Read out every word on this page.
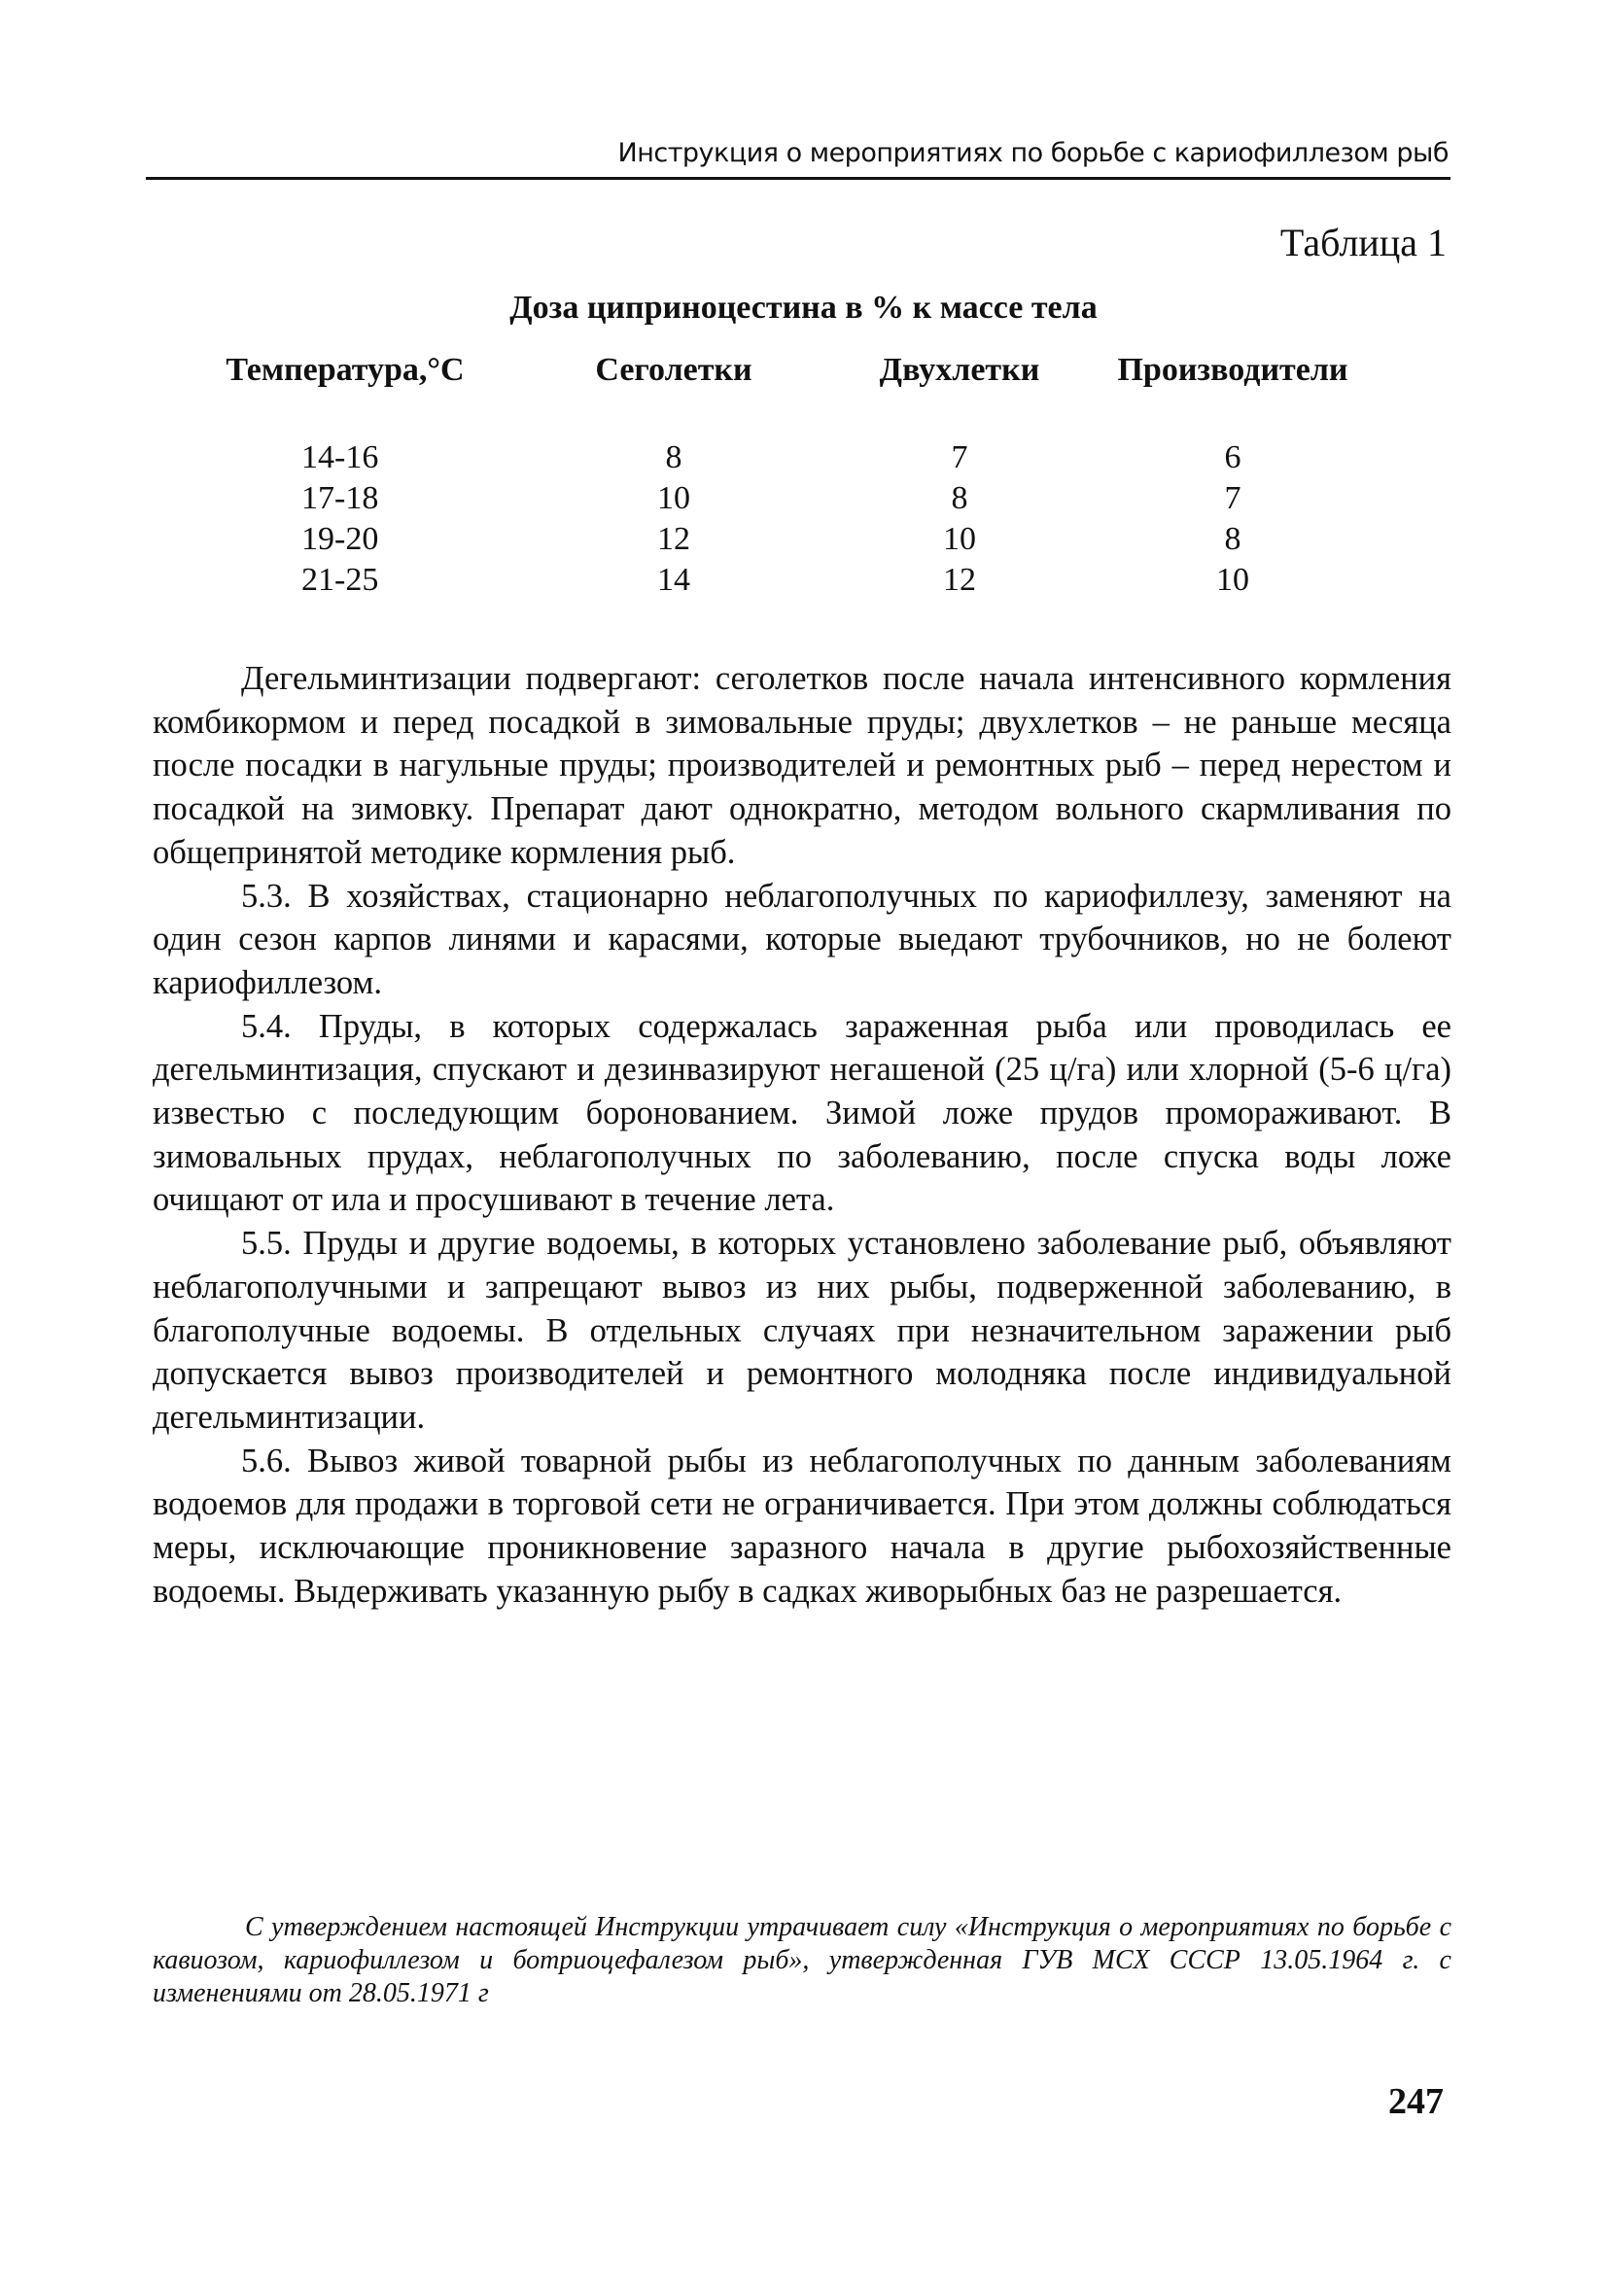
Инструкция о мероприятиях по борьбе с кариофиллезом рыб
Таблица 1
Доза циприноцестина в % к массе тела
Температура,°C	Сеголетки	Двухлетки	Производители

14-16	8	7	6
17-18	10	8	7
19-20	12	10	8
21-25	14	12	10

Дегельминтизации подвергают: сеголетков после начала интенсивного кормления комбикормом и перед посадкой в зимовальные пруды; двухлетков – не раньше месяца после посадки в нагульные пруды; производителей и ремонтных рыб – перед нерестом и посадкой на зимовку. Препарат дают однократно, методом вольного скармливания по общепринятой методике кормления рыб.

5.3. В хозяйствах, стационарно неблагополучных по кариофиллезу, заменяют на один сезон карпов линями и карасями, которые выедают трубочников, но не болеют кариофиллезом.

5.4. Пруды, в которых содержалась зараженная рыба или проводилась ее дегельминтизация, спускают и дезинвазируют негашеной (25 ц/га) или хлорной (5-6 ц/га) известью с последующим боронованием. Зимой ложе прудов промораживают. В зимовальных прудах, неблагополучных по заболеванию, после спуска воды ложе очищают от ила и просушивают в течение лета.

5.5. Пруды и другие водоемы, в которых установлено заболевание рыб, объявляют неблагополучными и запрещают вывоз из них рыбы, подверженной заболеванию, в благополучные водоемы. В отдельных случаях при незначительном заражении рыб допускается вывоз производителей и ремонтного молодняка после индивидуальной дегельминтизации.

5.6. Вывоз живой товарной рыбы из неблагополучных по данным заболеваниям водоемов для продажи в торговой сети не ограничивается. При этом должны соблюдаться меры, исключающие проникновение заразного начала в другие рыбохозяйственные водоемы. Выдерживать указанную рыбу в садках живорыбных баз не разрешается.

С утверждением настоящей Инструкции утрачивает силу «Инструкция о мероприятиях по борьбе с кавиозом, кариофиллезом и ботриоцефалезом рыб», утвержденная ГУВ МСХ СССР 13.05.1964 г. с изменениями от 28.05.1971 г
247
